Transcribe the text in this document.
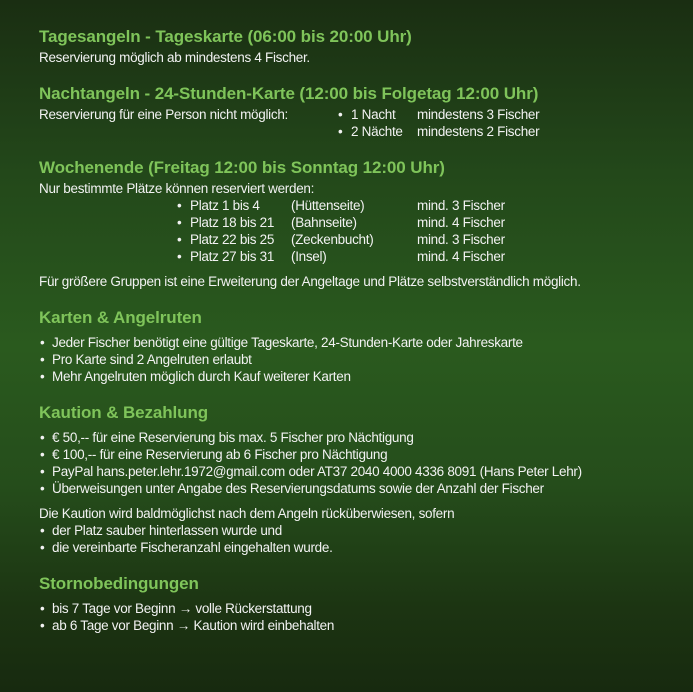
Tagesangeln - Tageskarte (06:00 bis 20:00 Uhr)

Reservierung möglich ab mindestens 4 Fischer.

Nachtangeln - 24-Stunden-Karte (12:00 bis Folgetag 12:00 Uhr)
Reservierung für eine Person nicht möglich:	• 1 Nacht	mindestens 3 Fischer
• 2 Nächte	mindestens 2 Fischer
Wochenende (Freitag 12:00 bis Sonntag 12:00 Uhr)

Nur bestimmte Plätze können reserviert werden:

• Platz 1 bis 4	(Hüttenseite)	mind. 3 Fischer
• Platz 18 bis 21	(Bahnseite)	mind. 4 Fischer
• Platz 22 bis 25	(Zeckenbucht)	mind. 3 Fischer
• Platz 27 bis 31	(Insel)	mind. 4 Fischer

Für größere Gruppen ist eine Erweiterung der Angeltage und Plätze selbstverständlich möglich.

Karten & Angelruten
• Jeder Fischer benötigt eine gültige Tageskarte, 24-Stunden-Karte oder Jahreskarte
• Pro Karte sind 2 Angelruten erlaubt
• Mehr Angelruten möglich durch Kauf weiterer Karten
Kaution & Bezahlung
• € 50,-- für eine Reservierung bis max. 5 Fischer pro Nächtigung
• € 100,-- für eine Reservierung ab 6 Fischer pro Nächtigung
• PayPal hans.peter.lehr.1972@gmail.com oder AT37 2040 4000 4336 8091 (Hans Peter Lehr)
• Überweisungen unter Angabe des Reservierungsdatums sowie der Anzahl der Fischer

Die Kaution wird baldmöglichst nach dem Angeln rücküberwiesen, sofern

• der Platz sauber hinterlassen wurde und
• die vereinbarte Fischeranzahl eingehalten wurde.
Stornobedingungen
• bis 7 Tage vor Beginn → volle Rückerstattung
• ab 6 Tage vor Beginn → Kaution wird einbehalten
